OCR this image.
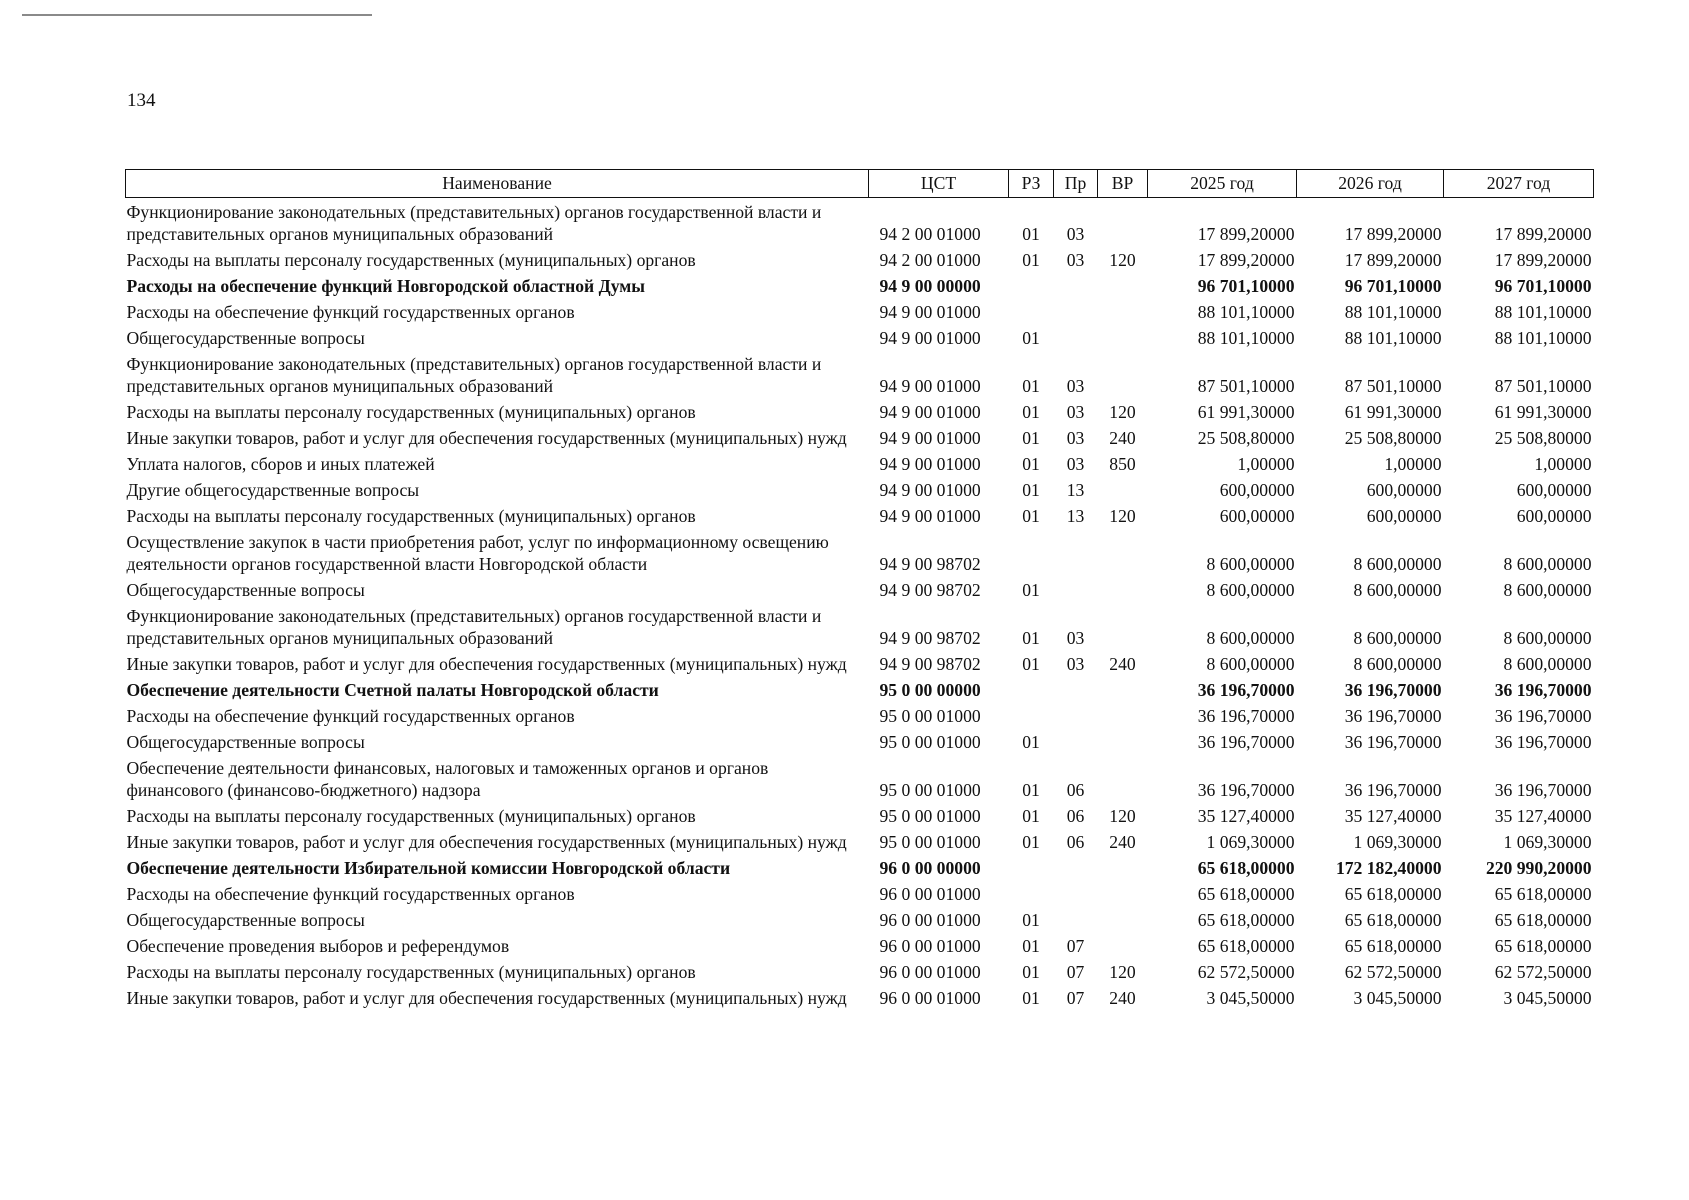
134
Наименование	ЦСТ	РЗ	Пр	ВР	2025 год	2026 год	2027 год
Функционирование законодательных (представительных) органов государственной власти и представительных органов муниципальных образований	94 2 00 01000	01	03		17 899,20000	17 899,20000	17 899,20000
Расходы на выплаты персоналу государственных (муниципальных) органов	94 2 00 01000	01	03	120	17 899,20000	17 899,20000	17 899,20000
Расходы на обеспечение функций Новгородской областной Думы	94 9 00 00000				96 701,10000	96 701,10000	96 701,10000
Расходы на обеспечение функций государственных органов	94 9 00 01000				88 101,10000	88 101,10000	88 101,10000
Общегосударственные вопросы	94 9 00 01000	01			88 101,10000	88 101,10000	88 101,10000
Функционирование законодательных (представительных) органов государственной власти и представительных органов муниципальных образований	94 9 00 01000	01	03		87 501,10000	87 501,10000	87 501,10000
Расходы на выплаты персоналу государственных (муниципальных) органов	94 9 00 01000	01	03	120	61 991,30000	61 991,30000	61 991,30000
Иные закупки товаров, работ и услуг для обеспечения государственных (муниципальных) нужд	94 9 00 01000	01	03	240	25 508,80000	25 508,80000	25 508,80000
Уплата налогов, сборов и иных платежей	94 9 00 01000	01	03	850	1,00000	1,00000	1,00000
Другие общегосударственные вопросы	94 9 00 01000	01	13		600,00000	600,00000	600,00000
Расходы на выплаты персоналу государственных (муниципальных) органов	94 9 00 01000	01	13	120	600,00000	600,00000	600,00000
Осуществление закупок в части приобретения работ, услуг по информационному освещению деятельности органов государственной власти Новгородской области	94 9 00 98702				8 600,00000	8 600,00000	8 600,00000
Общегосударственные вопросы	94 9 00 98702	01			8 600,00000	8 600,00000	8 600,00000
Функционирование законодательных (представительных) органов государственной власти и представительных органов муниципальных образований	94 9 00 98702	01	03		8 600,00000	8 600,00000	8 600,00000
Иные закупки товаров, работ и услуг для обеспечения государственных (муниципальных) нужд	94 9 00 98702	01	03	240	8 600,00000	8 600,00000	8 600,00000
Обеспечение деятельности Счетной палаты Новгородской области	95 0 00 00000				36 196,70000	36 196,70000	36 196,70000
Расходы на обеспечение функций государственных органов	95 0 00 01000				36 196,70000	36 196,70000	36 196,70000
Общегосударственные вопросы	95 0 00 01000	01			36 196,70000	36 196,70000	36 196,70000
Обеспечение деятельности финансовых, налоговых и таможенных органов и органов финансового (финансово-бюджетного) надзора	95 0 00 01000	01	06		36 196,70000	36 196,70000	36 196,70000
Расходы на выплаты персоналу государственных (муниципальных) органов	95 0 00 01000	01	06	120	35 127,40000	35 127,40000	35 127,40000
Иные закупки товаров, работ и услуг для обеспечения государственных (муниципальных) нужд	95 0 00 01000	01	06	240	1 069,30000	1 069,30000	1 069,30000
Обеспечение деятельности Избирательной комиссии Новгородской области	96 0 00 00000				65 618,00000	172 182,40000	220 990,20000
Расходы на обеспечение функций государственных органов	96 0 00 01000				65 618,00000	65 618,00000	65 618,00000
Общегосударственные вопросы	96 0 00 01000	01			65 618,00000	65 618,00000	65 618,00000
Обеспечение проведения выборов и референдумов	96 0 00 01000	01	07		65 618,00000	65 618,00000	65 618,00000
Расходы на выплаты персоналу государственных (муниципальных) органов	96 0 00 01000	01	07	120	62 572,50000	62 572,50000	62 572,50000
Иные закупки товаров, работ и услуг для обеспечения государственных (муниципальных) нужд	96 0 00 01000	01	07	240	3 045,50000	3 045,50000	3 045,50000
